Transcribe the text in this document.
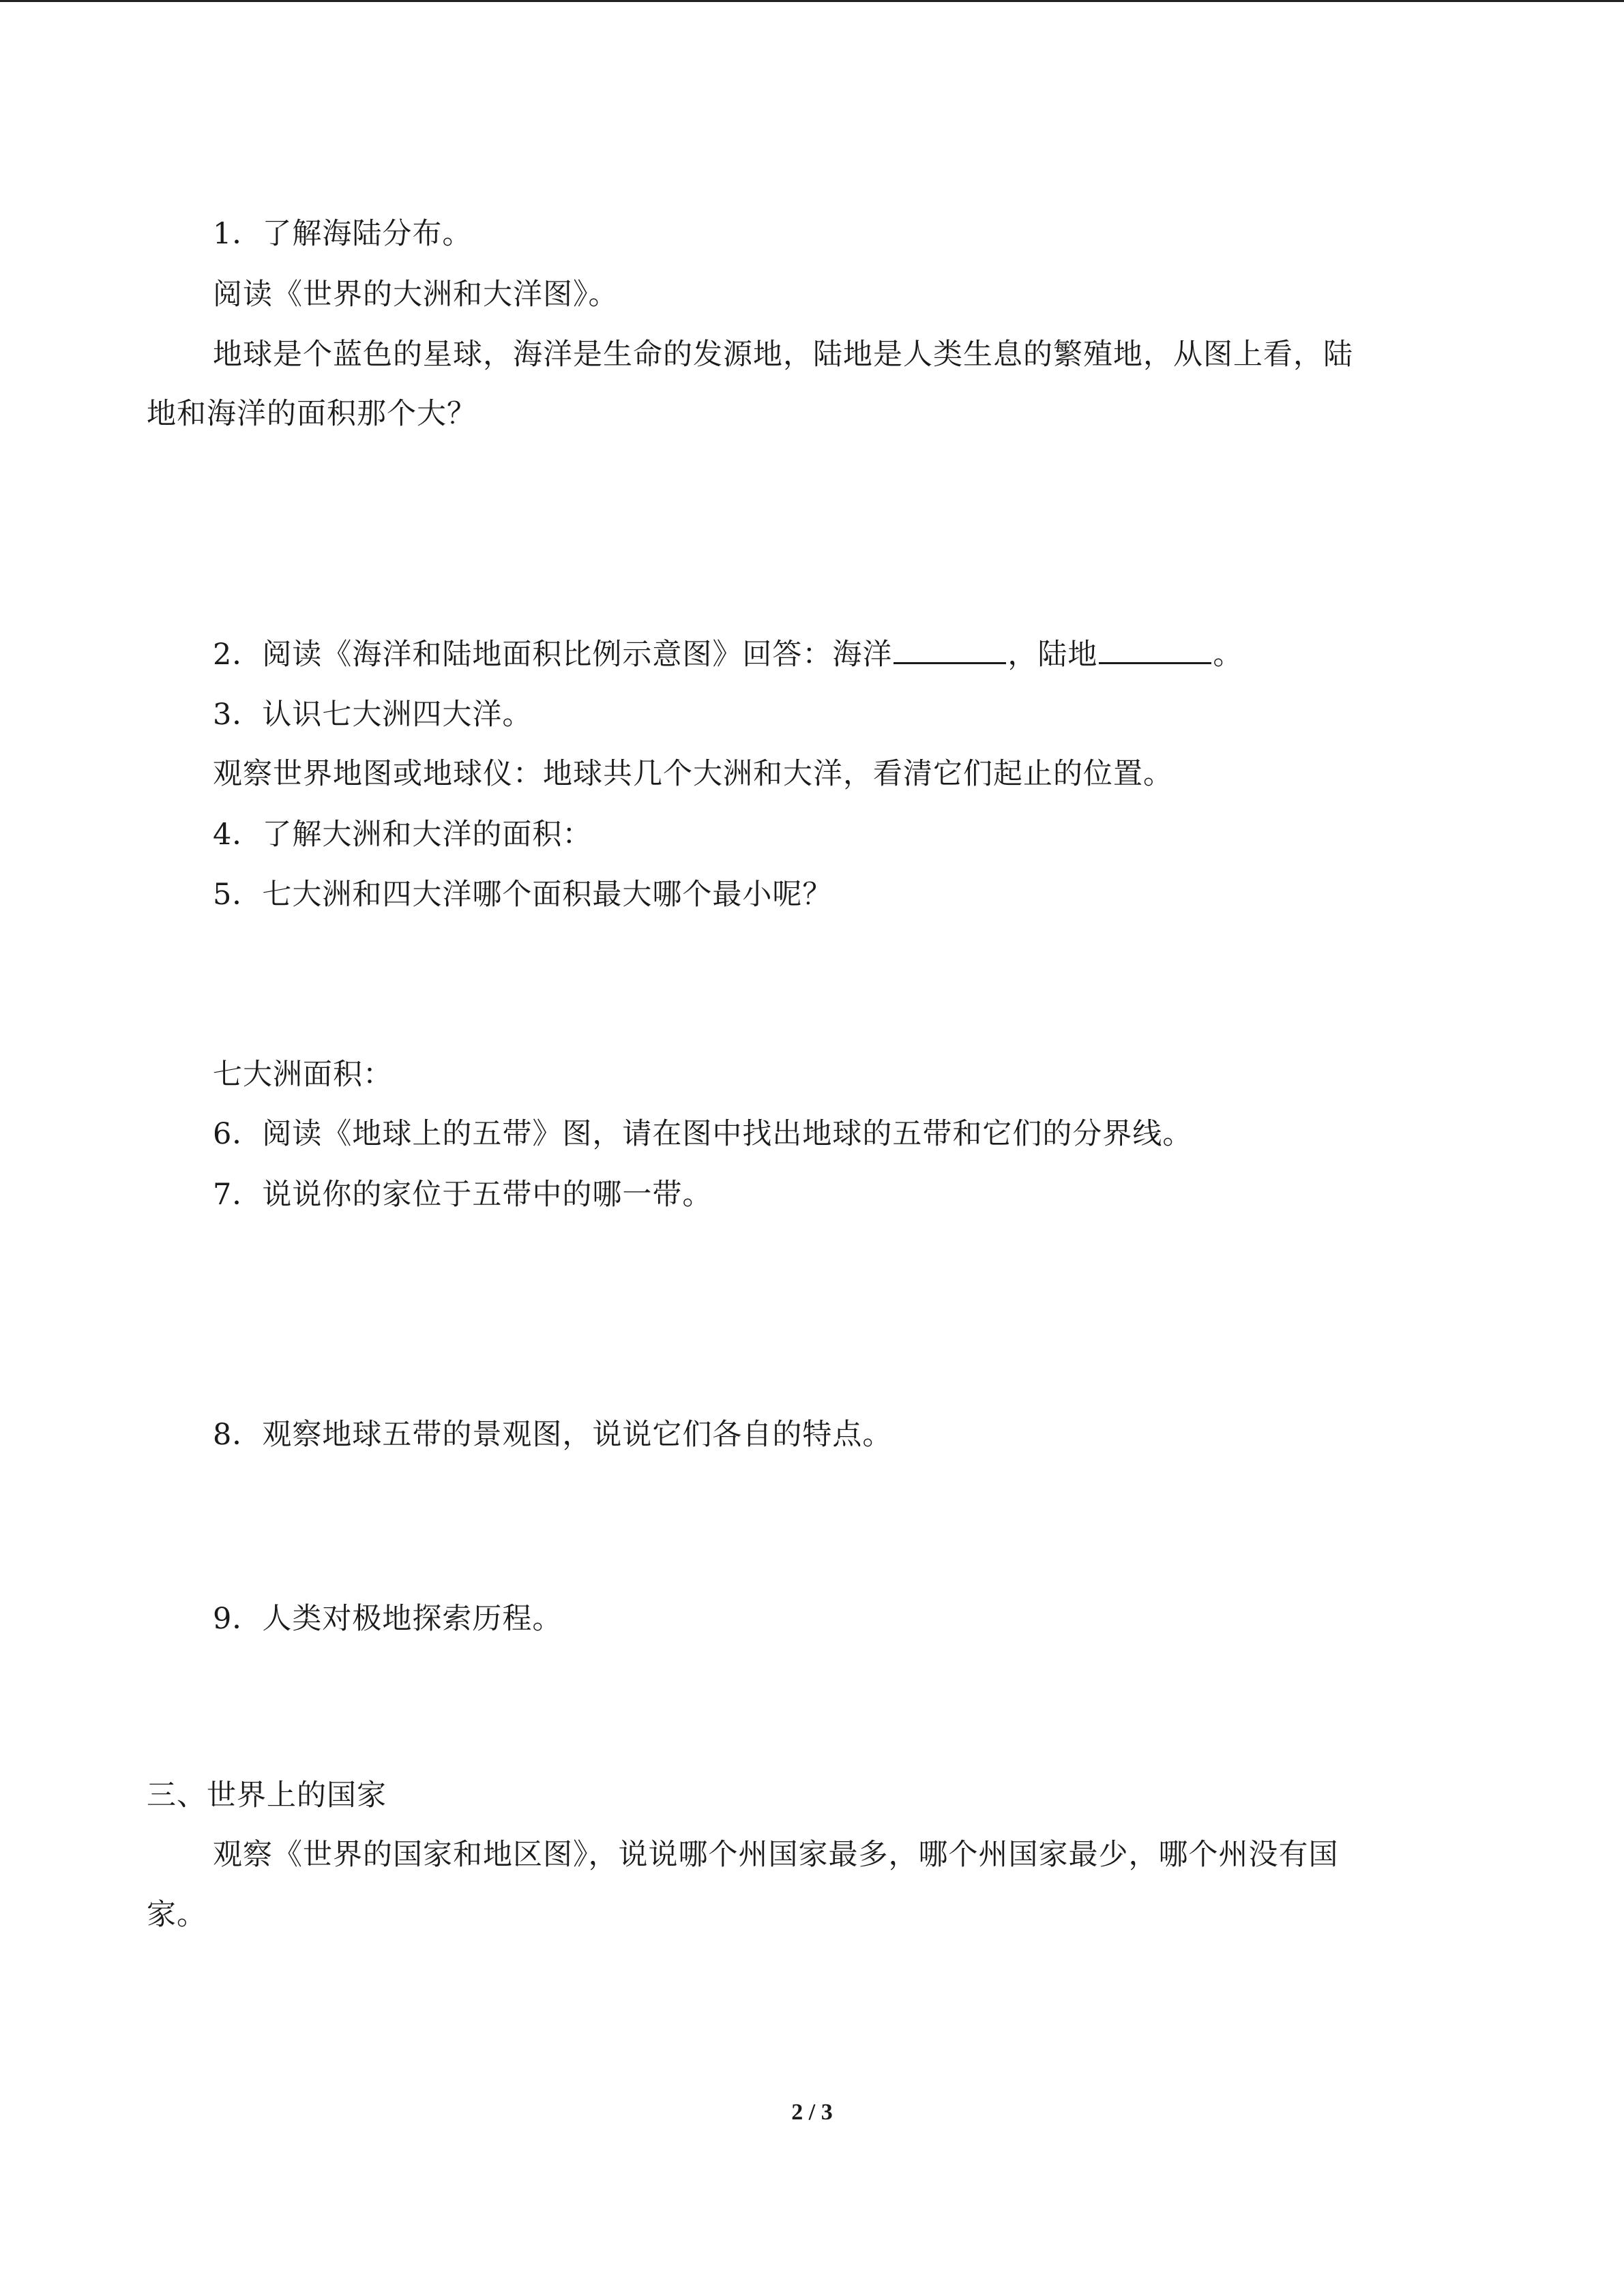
1．了解海陆分布。
阅读《世界的大洲和大洋图》。
地球是个蓝色的星球，海洋是生命的发源地，陆地是人类生息的繁殖地，从图上看，陆
地和海洋的面积那个大？
2．阅读《海洋和陆地面积比例示意图》回答：海洋	，陆地	。
3．认识七大洲四大洋。
观察世界地图或地球仪：地球共几个大洲和大洋，看清它们起止的位置。
4．了解大洲和大洋的面积：
5．七大洲和四大洋哪个面积最大哪个最小呢？
七大洲面积：
6．阅读《地球上的五带》图，请在图中找出地球的五带和它们的分界线。
7．说说你的家位于五带中的哪一带。
8．观察地球五带的景观图，说说它们各自的特点。
9．人类对极地探索历程。
三、世界上的国家
观察《世界的国家和地区图》，说说哪个州国家最多，哪个州国家最少，哪个州没有国
家。
2 / 3
